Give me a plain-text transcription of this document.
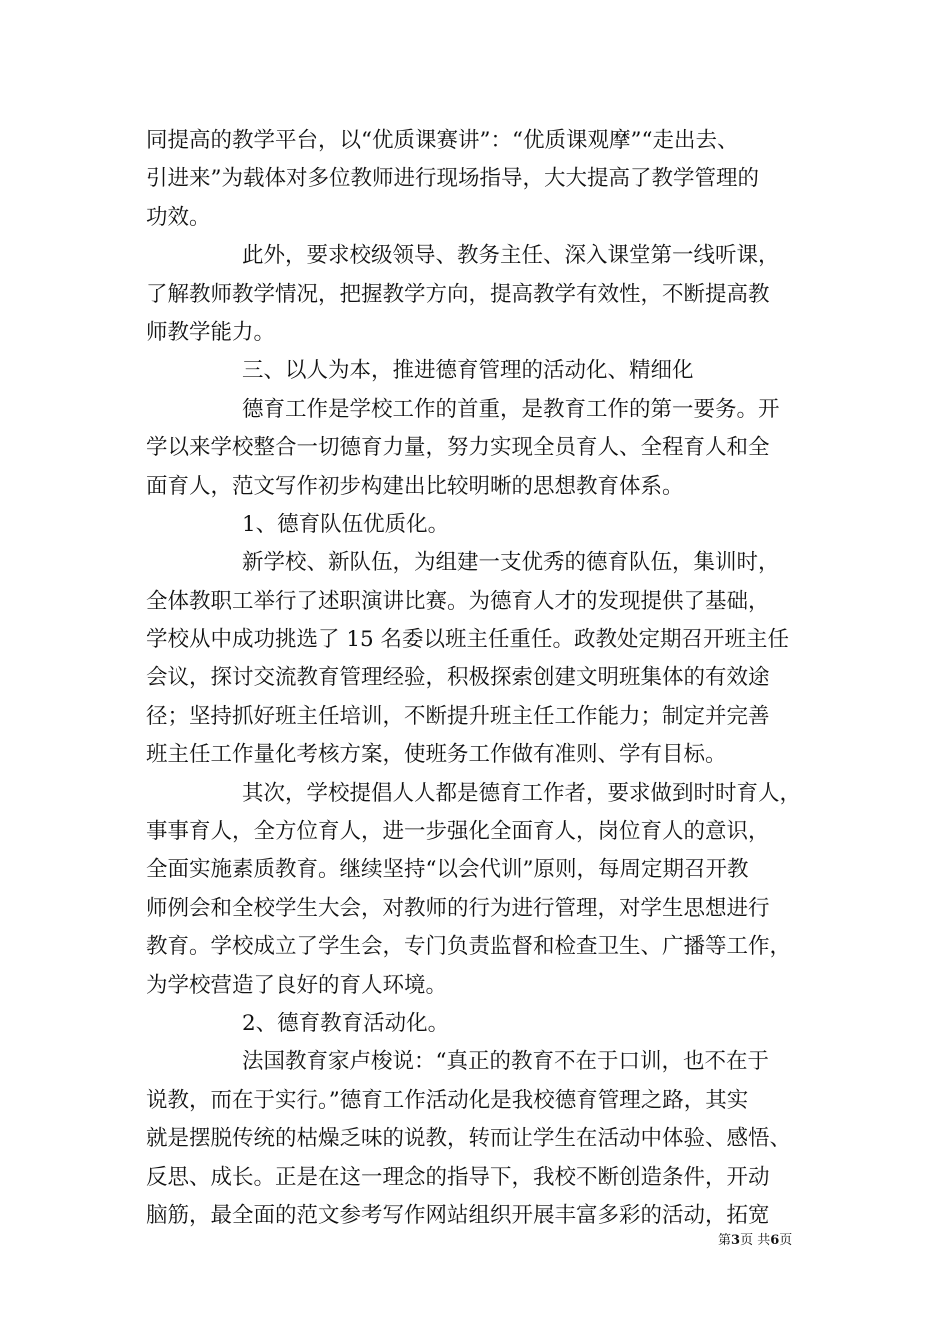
同提高的教学平台，以“优质课赛讲”：“优质课观摩”“走出去、
引进来”为载体对多位教师进行现场指导，大大提高了教学管理的
功效。
此外，要求校级领导、教务主任、深入课堂第一线听课，
了解教师教学情况，把握教学方向，提高教学有效性，不断提高教
师教学能力。
三、以人为本，推进德育管理的活动化、精细化
德育工作是学校工作的首重，是教育工作的第一要务。开
学以来学校整合一切德育力量，努力实现全员育人、全程育人和全
面育人，范文写作初步构建出比较明晰的思想教育体系。
1、德育队伍优质化。
新学校、新队伍，为组建一支优秀的德育队伍，集训时，
全体教职工举行了述职演讲比赛。为德育人才的发现提供了基础，
学校从中成功挑选了 15 名委以班主任重任。政教处定期召开班主任
会议，探讨交流教育管理经验，积极探索创建文明班集体的有效途
径；坚持抓好班主任培训，不断提升班主任工作能力；制定并完善
班主任工作量化考核方案，使班务工作做有准则、学有目标。
其次，学校提倡人人都是德育工作者，要求做到时时育人，
事事育人，全方位育人，进一步强化全面育人，岗位育人的意识，
全面实施素质教育。继续坚持“以会代训”原则，每周定期召开教
师例会和全校学生大会，对教师的行为进行管理，对学生思想进行
教育。学校成立了学生会，专门负责监督和检查卫生、广播等工作，
为学校营造了良好的育人环境。
2、德育教育活动化。
法国教育家卢梭说：“真正的教育不在于口训，也不在于
说教，而在于实行。”德育工作活动化是我校德育管理之路，其实
就是摆脱传统的枯燥乏味的说教，转而让学生在活动中体验、感悟、
反思、成长。正是在这一理念的指导下，我校不断创造条件，开动
脑筋，最全面的范文参考写作网站组织开展丰富多彩的活动，拓宽
第3页 共6页
